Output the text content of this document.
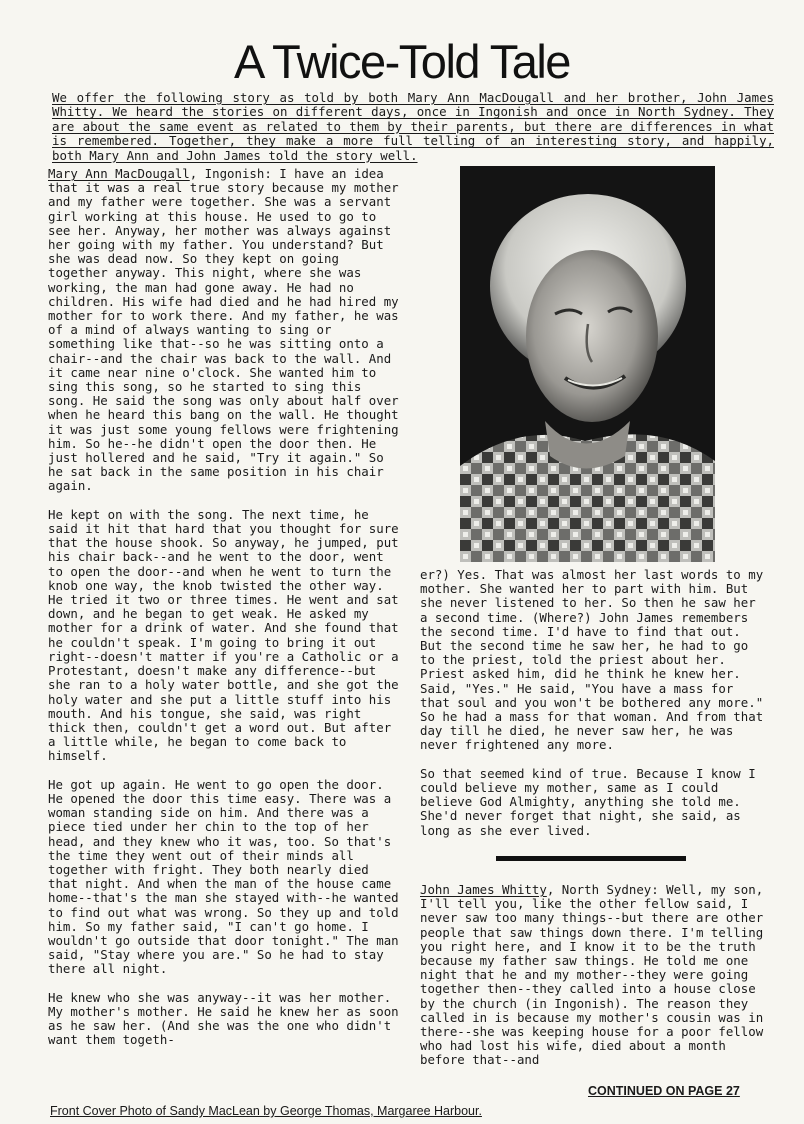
A Twice-Told Tale
We offer the following story as told by both Mary Ann MacDougall and her brother, John James Whitty. We heard the stories on different days, once in Ingonish and once in North Sydney. They are about the same event as related to them by their parents, but there are differences in what is remembered. Together, they make a more full telling of an interesting story, and happily, both Mary Ann and John James told the story well.

Mary Ann MacDougall, Ingonish: I have an idea that it was a real true story because my mother and my father were together. She was a servant girl working at this house. He used to go to see her. Anyway, her mother was always against her going with my father. You understand? But she was dead now. So they kept on going together anyway. This night, where she was working, the man had gone away. He had no children. His wife had died and he had hired my mother for to work there. And my father, he was of a mind of always wanting to sing or something like that--so he was sitting onto a chair--and the chair was back to the wall. And it came near nine o'clock. She wanted him to sing this song, so he started to sing this song. He said the song was only about half over when he heard this bang on the wall. He thought it was just some young fellows were frightening him. So he--he didn't open the door then. He just hollered and he said, "Try it again." So he sat back in the same position in his chair again.

He kept on with the song. The next time, he said it hit that hard that you thought for sure that the house shook. So anyway, he jumped, put his chair back--and he went to the door, went to open the door--and when he went to turn the knob one way, the knob twisted the other way. He tried it two or three times. He went and sat down, and he began to get weak. He asked my mother for a drink of water. And she found that he couldn't speak. I'm going to bring it out right--doesn't matter if you're a Catholic or a Protestant, doesn't make any difference--but she ran to a holy water bottle, and she got the holy water and she put a little stuff into his mouth. And his tongue, she said, was right thick then, couldn't get a word out. But after a little while, he began to come back to himself.

He got up again. He went to go open the door. He opened the door this time easy. There was a woman standing side on him. And there was a piece tied under her chin to the top of her head, and they knew who it was, too. So that's the time they went out of their minds all together with fright. They both nearly died that night. And when the man of the house came home--that's the man she stayed with--he wanted to find out what was wrong. So they up and told him. So my father said, "I can't go home. I wouldn't go outside that door tonight." The man said, "Stay where you are." So he had to stay there all night.

He knew who she was anyway--it was her mother. My mother's mother. He said he knew her as soon as he saw her. (And she was the one who didn't want them togeth-

er?) Yes. That was almost her last words to my mother. She wanted her to part with him. But she never listened to her. So then he saw her a second time. (Where?) John James remembers the second time. I'd have to find that out. But the second time he saw her, he had to go to the priest, told the priest about her. Priest asked him, did he think he knew her. Said, "Yes." He said, "You have a mass for that soul and you won't be bothered any more." So he had a mass for that woman. And from that day till he died, he never saw her, he was never frightened any more.

So that seemed kind of true. Because I know I could believe my mother, same as I could believe God Almighty, anything she told me. She'd never forget that night, she said, as long as she ever lived.

John James Whitty, North Sydney: Well, my son, I'll tell you, like the other fellow said, I never saw too many things--but there are other people that saw things down there. I'm telling you right here, and I know it to be the truth because my father saw things. He told me one night that he and my mother--they were going together then--they called into a house close by the church (in Ingonish). The reason they called in is because my mother's cousin was in there--she was keeping house for a poor fellow who had lost his wife, died about a month before that--and

CONTINUED ON PAGE 27
Front Cover Photo of Sandy MacLean by George Thomas, Margaree Harbour.
